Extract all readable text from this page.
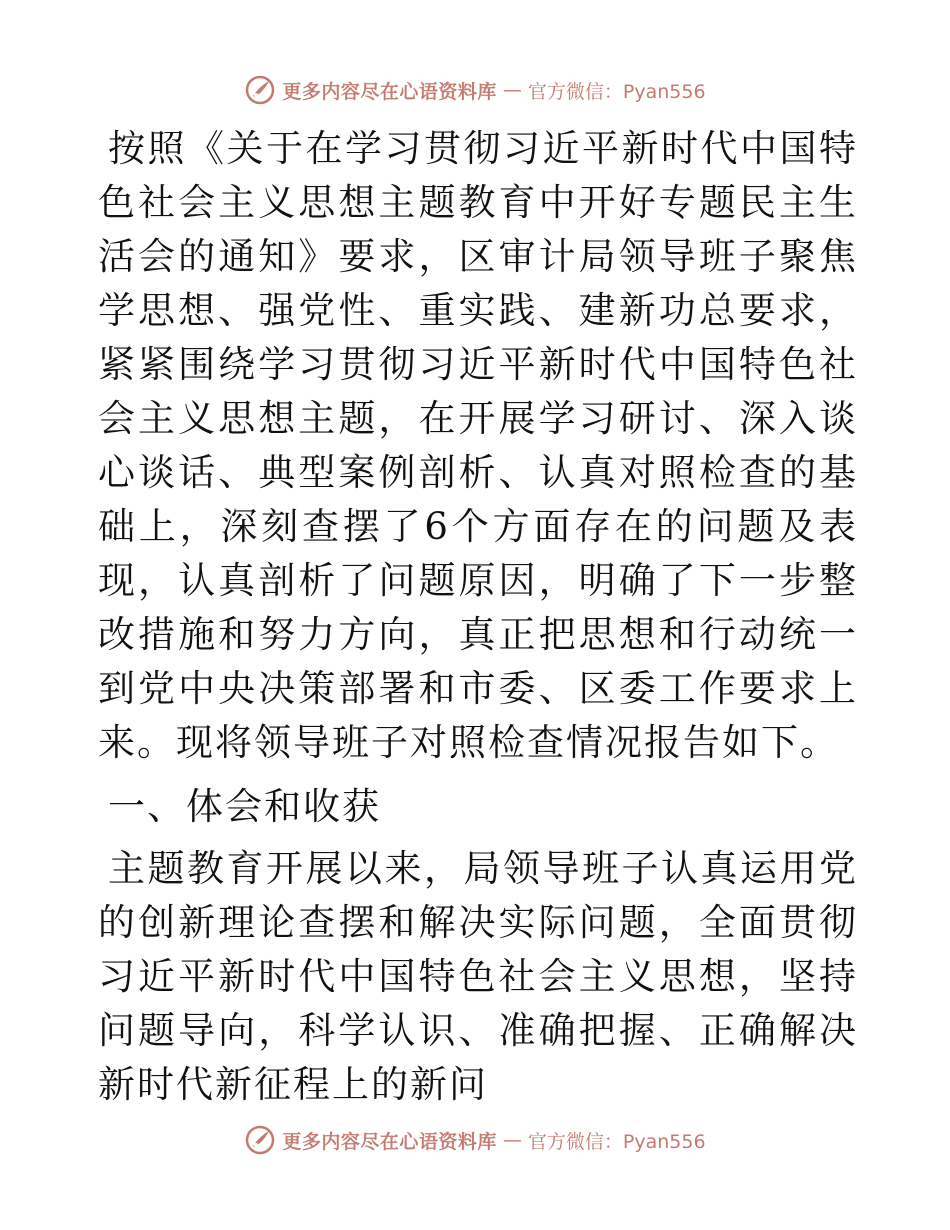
更多内容尽在心语资料库 — 官方微信：Pyan556

按照《关于在学习贯彻习近平新时代中国特色社会主义思想主题教育中开好专题民主生活会的通知》要求，区审计局领导班子聚焦学思想、强党性、重实践、建新功总要求，紧紧围绕学习贯彻习近平新时代中国特色社会主义思想主题，在开展学习研讨、深入谈心谈话、典型案例剖析、认真对照检查的基础上，深刻查摆了6个方面存在的问题及表现，认真剖析了问题原因，明确了下一步整改措施和努力方向，真正把思想和行动统一到党中央决策部署和市委、区委工作要求上来。现将领导班子对照检查情况报告如下。

一、体会和收获

主题教育开展以来，局领导班子认真运用党的创新理论查摆和解决实际问题，全面贯彻习近平新时代中国特色社会主义思想，坚持问题导向，科学认识、准确把握、正确解决新时代新征程上的新问

更多内容尽在心语资料库 — 官方微信：Pyan556
